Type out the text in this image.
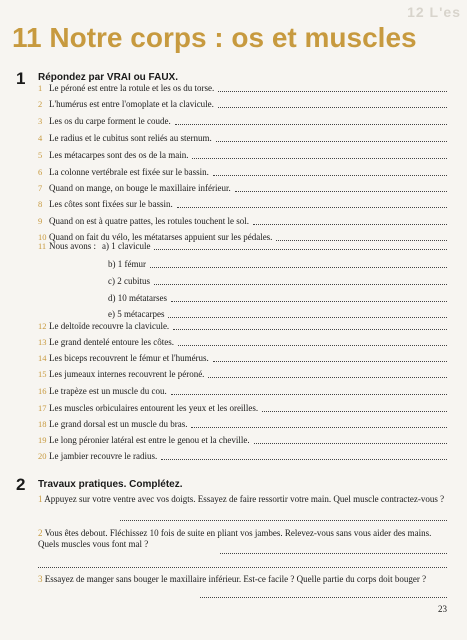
12 L'es
11 Notre corps : os et muscles
1 Répondez par VRAI ou FAUX.
1 Le péroné est entre la rotule et les os du torse.
2 L'humérus est entre l'omoplate et la clavicule.
3 Les os du carpe forment le coude.
4 Le radius et le cubitus sont reliés au sternum.
5 Les métacarpes sont des os de la main.
6 La colonne vertébrale est fixée sur le bassin.
7 Quand on mange, on bouge le maxillaire inférieur.
8 Les côtes sont fixées sur le bassin.
9 Quand on est à quatre pattes, les rotules touchent le sol.
10 Quand on fait du vélo, les métatarses appuient sur les pédales.
11 Nous avons : a) 1 clavicule
b) 1 fémur
c) 2 cubitus
d) 10 métatarses
e) 5 métacarpes
12 Le deltoïde recouvre la clavicule.
13 Le grand dentelé entoure les côtes.
14 Les biceps recouvrent le fémur et l'humérus.
15 Les jumeaux internes recouvrent le péroné.
16 Le trapèze est un muscle du cou.
17 Les muscles orbiculaires entourent les yeux et les oreilles.
18 Le grand dorsal est un muscle du bras.
19 Le long péronier latéral est entre le genou et la cheville.
20 Le jambier recouvre le radius.
2 Travaux pratiques. Complétez.
1 Appuyez sur votre ventre avec vos doigts. Essayez de faire ressortir votre main. Quel muscle contractez-vous ?
2 Vous êtes debout. Fléchissez 10 fois de suite en pliant vos jambes. Relevez-vous sans vous aider des mains. Quels muscles vous font mal ?
3 Essayez de manger sans bouger le maxillaire inférieur. Est-ce facile ? Quelle partie du corps doit bouger ?
23
